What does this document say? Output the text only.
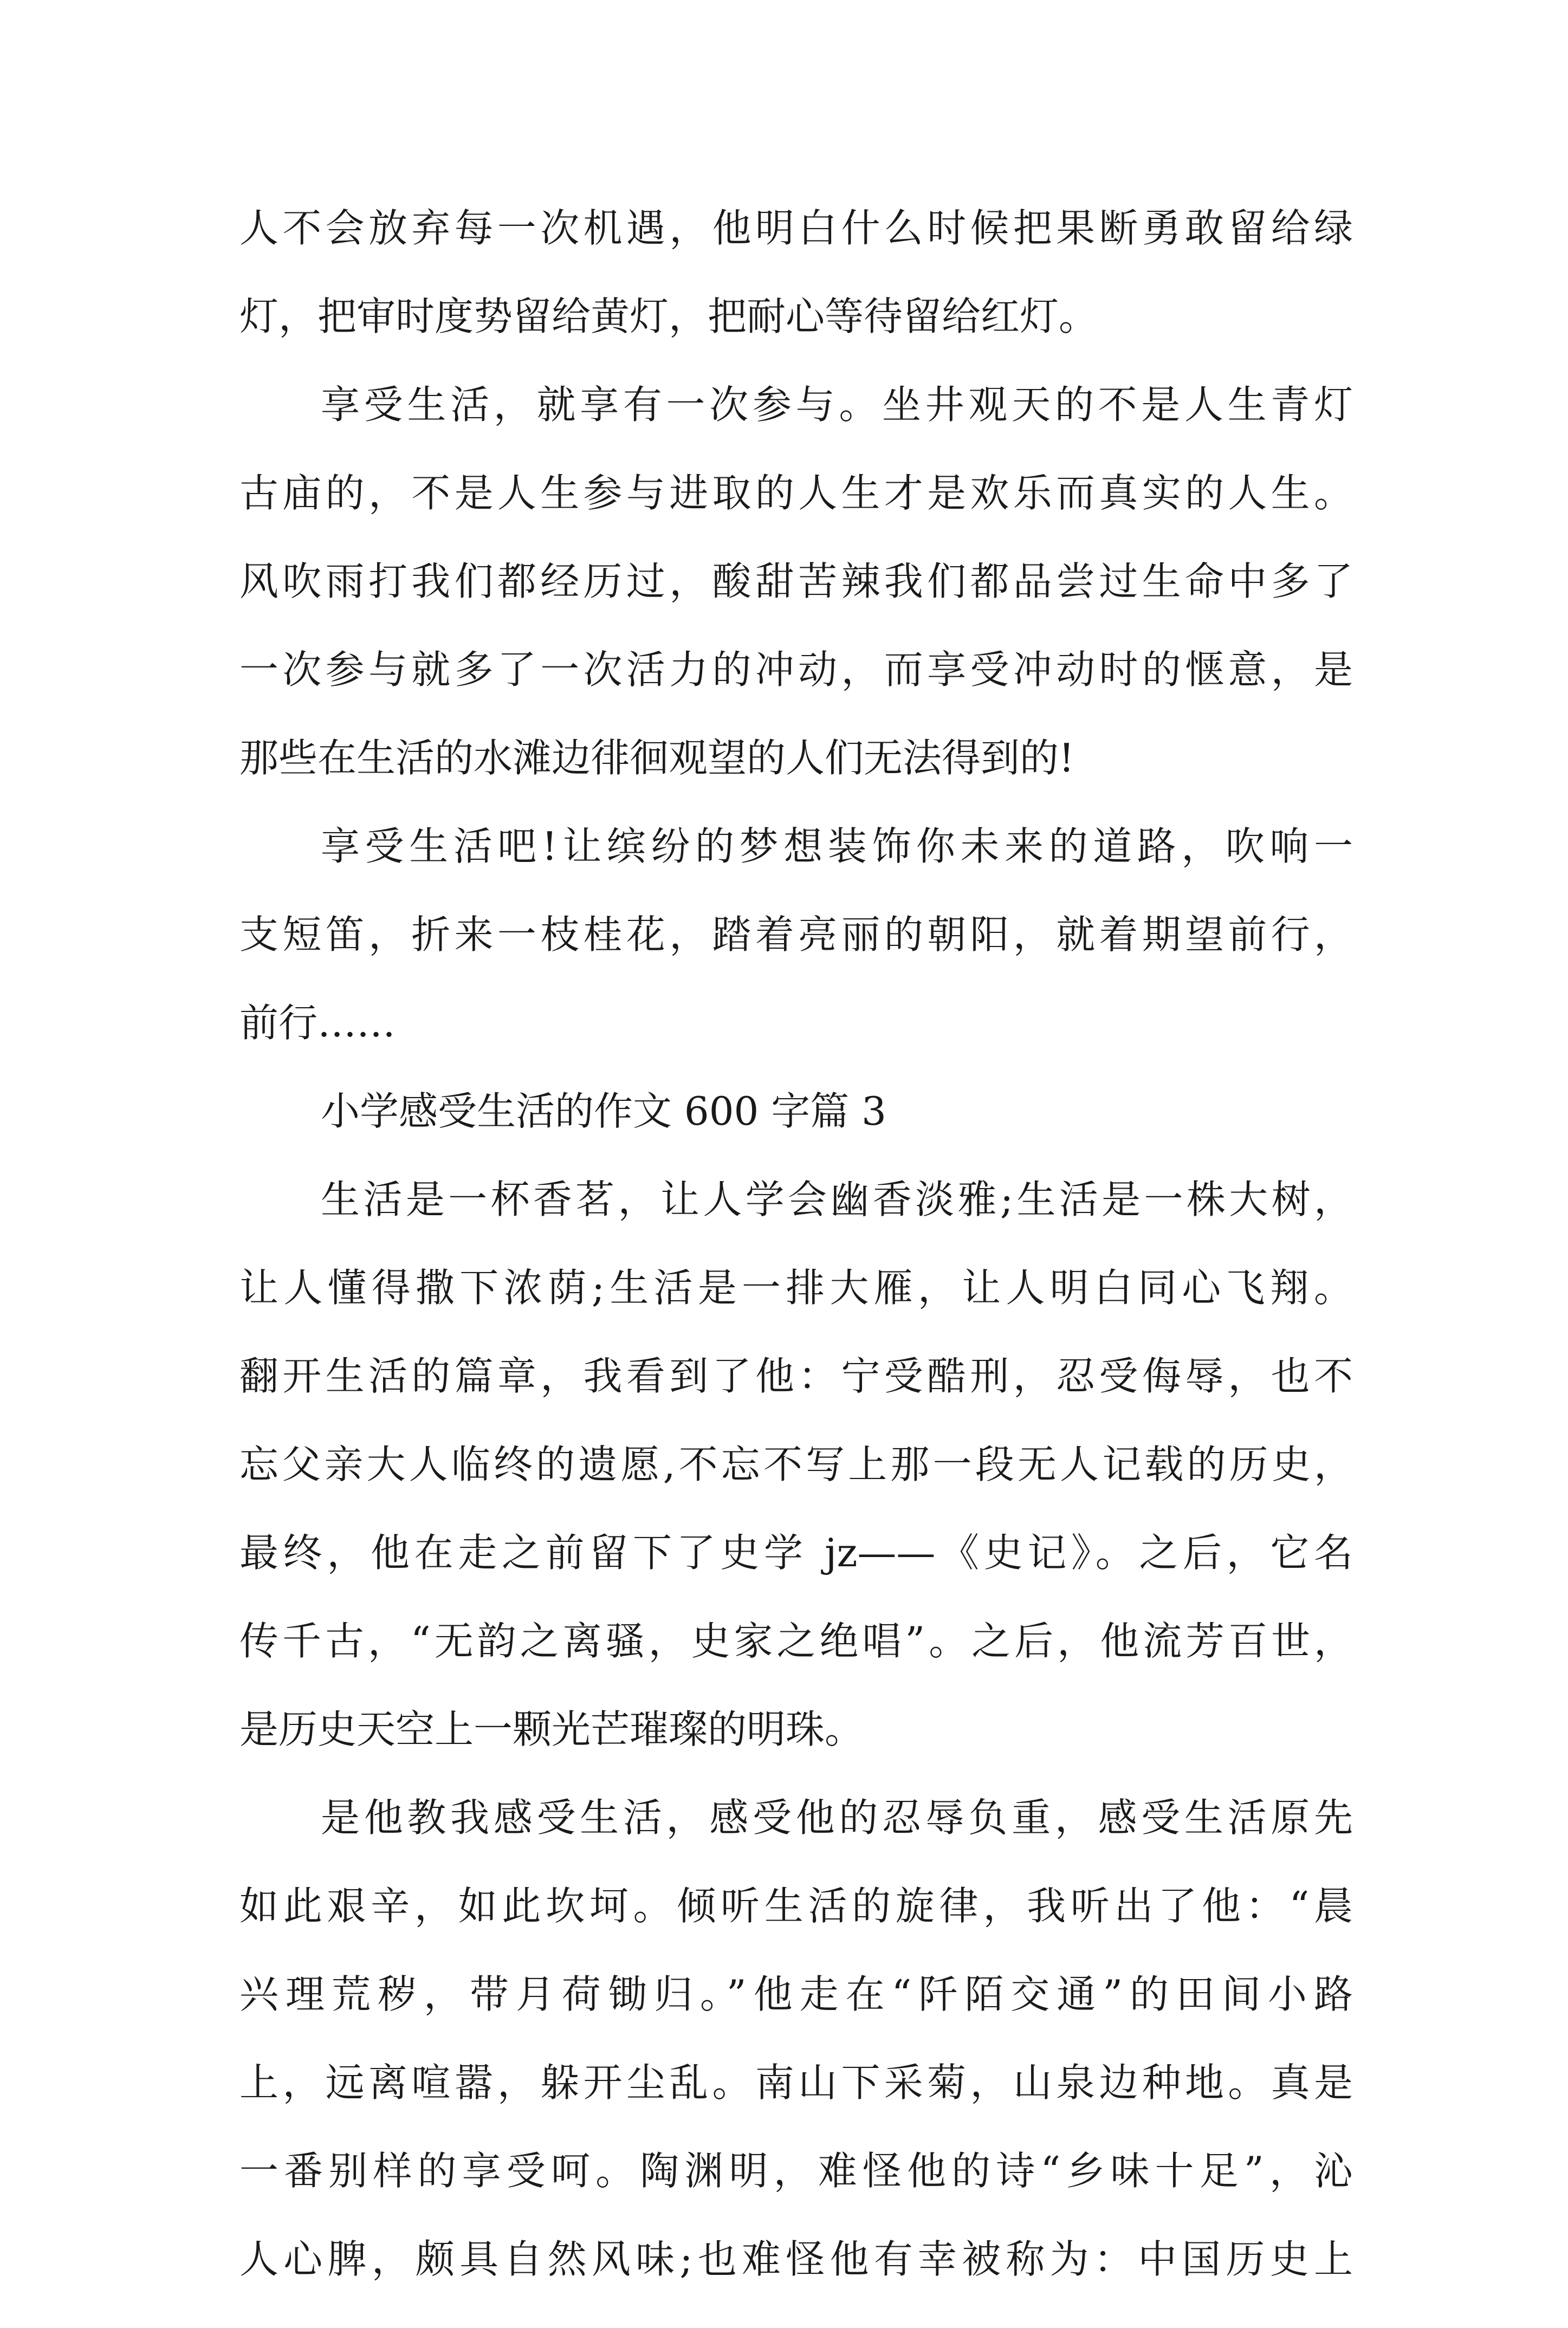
人不会放弃每一次机遇，他明白什么时候把果断勇敢留给绿
灯，把审时度势留给黄灯，把耐心等待留给红灯。
享受生活，就享有一次参与。坐井观天的不是人生青灯
古庙的，不是人生参与进取的人生才是欢乐而真实的人生。
风吹雨打我们都经历过，酸甜苦辣我们都品尝过生命中多了
一次参与就多了一次活力的冲动，而享受冲动时的惬意，是
那些在生活的水滩边徘徊观望的人们无法得到的!
享受生活吧!让缤纷的梦想装饰你未来的道路，吹响一
支短笛，折来一枝桂花，踏着亮丽的朝阳，就着期望前行，
前行……
小学感受生活的作文 600 字篇 3
生活是一杯香茗，让人学会幽香淡雅;生活是一株大树，
让人懂得撒下浓荫;生活是一排大雁，让人明白同心飞翔。
翻开生活的篇章，我看到了他：宁受酷刑，忍受侮辱，也不
忘父亲大人临终的遗愿,不忘不写上那一段无人记载的历史，
最终，他在走之前留下了史学 jz——《史记》。之后，它名
传千古，“无韵之离骚，史家之绝唱”。之后，他流芳百世，
是历史天空上一颗光芒璀璨的明珠。
是他教我感受生活，感受他的忍辱负重，感受生活原先
如此艰辛，如此坎坷。倾听生活的旋律，我听出了他：“晨
兴理荒秽，带月荷锄归。”他走在“阡陌交通”的田间小路
上，远离喧嚣，躲开尘乱。南山下采菊，山泉边种地。真是
一番别样的享受呵。陶渊明，难怪他的诗“乡味十足”，沁
人心脾，颇具自然风味;也难怪他有幸被称为：中国历史上
